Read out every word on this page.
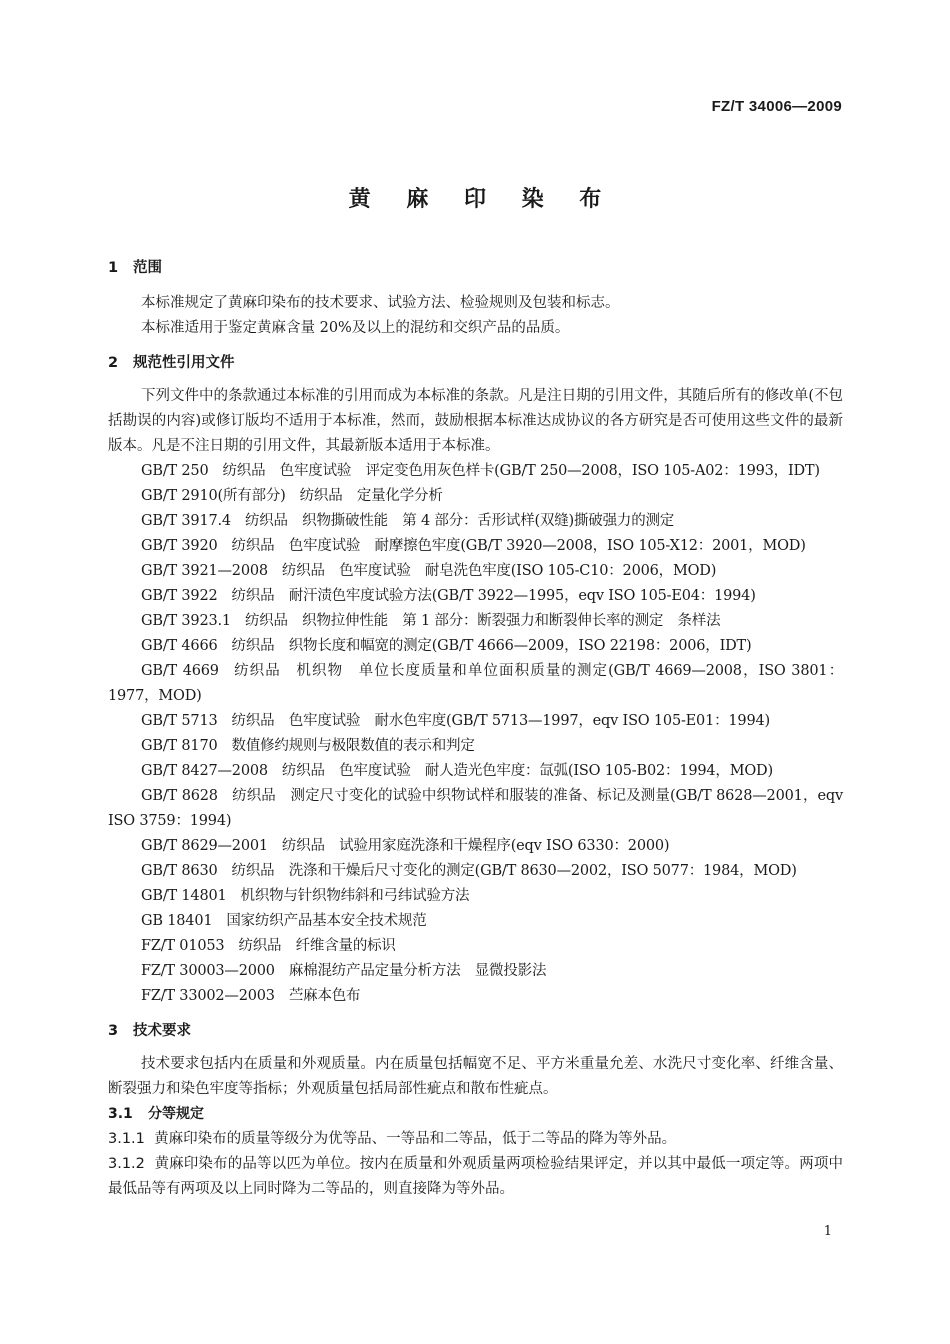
FZ/T 34006—2009
黄 麻 印 染 布
1 范围

本标准规定了黄麻印染布的技术要求、试验方法、检验规则及包装和标志。

本标准适用于鉴定黄麻含量 20%及以上的混纺和交织产品的品质。

2 规范性引用文件

下列文件中的条款通过本标准的引用而成为本标准的条款。凡是注日期的引用文件，其随后所有的修改单(不包括勘误的内容)或修订版均不适用于本标准，然而，鼓励根据本标准达成协议的各方研究是否可使用这些文件的最新版本。凡是不注日期的引用文件，其最新版本适用于本标准。

GB/T 250 纺织品　色牢度试验　评定变色用灰色样卡(GB/T 250—2008，ISO 105-A02：1993，IDT)
GB/T 2910(所有部分) 纺织品　定量化学分析
GB/T 3917.4 纺织品　织物撕破性能　第 4 部分：舌形试样(双缝)撕破强力的测定
GB/T 3920 纺织品　色牢度试验　耐摩擦色牢度(GB/T 3920—2008，ISO 105-X12：2001，MOD)
GB/T 3921—2008 纺织品　色牢度试验　耐皂洗色牢度(ISO 105-C10：2006，MOD)
GB/T 3922 纺织品　耐汗渍色牢度试验方法(GB/T 3922—1995，eqv ISO 105-E04：1994)
GB/T 3923.1 纺织品　织物拉伸性能　第 1 部分：断裂强力和断裂伸长率的测定　条样法
GB/T 4666 纺织品　织物长度和幅宽的测定(GB/T 4666—2009，ISO 22198：2006，IDT)
GB/T 4669 纺织品　机织物　单位长度质量和单位面积质量的测定(GB/T 4669—2008，ISO 3801：1977，MOD)
GB/T 5713 纺织品　色牢度试验　耐水色牢度(GB/T 5713—1997，eqv ISO 105-E01：1994)
GB/T 8170 数值修约规则与极限数值的表示和判定
GB/T 8427—2008 纺织品　色牢度试验　耐人造光色牢度：氙弧(ISO 105-B02：1994，MOD)
GB/T 8628 纺织品　测定尺寸变化的试验中织物试样和服装的准备、标记及测量(GB/T 8628—2001，eqv ISO 3759：1994)
GB/T 8629—2001 纺织品　试验用家庭洗涤和干燥程序(eqv ISO 6330：2000)
GB/T 8630 纺织品　洗涤和干燥后尺寸变化的测定(GB/T 8630—2002，ISO 5077：1984，MOD)
GB/T 14801 机织物与针织物纬斜和弓纬试验方法
GB 18401 国家纺织产品基本安全技术规范
FZ/T 01053 纺织品　纤维含量的标识
FZ/T 30003—2000 麻棉混纺产品定量分析方法　显微投影法
FZ/T 33002—2003 苎麻本色布
3 技术要求

技术要求包括内在质量和外观质量。内在质量包括幅宽不足、平方米重量允差、水洗尺寸变化率、纤维含量、断裂强力和染色牢度等指标；外观质量包括局部性疵点和散布性疵点。

3.1 分等规定
3.1.1 黄麻印染布的质量等级分为优等品、一等品和二等品，低于二等品的降为等外品。
3.1.2 黄麻印染布的品等以匹为单位。按内在质量和外观质量两项检验结果评定，并以其中最低一项定等。两项中最低品等有两项及以上同时降为二等品的，则直接降为等外品。
1
